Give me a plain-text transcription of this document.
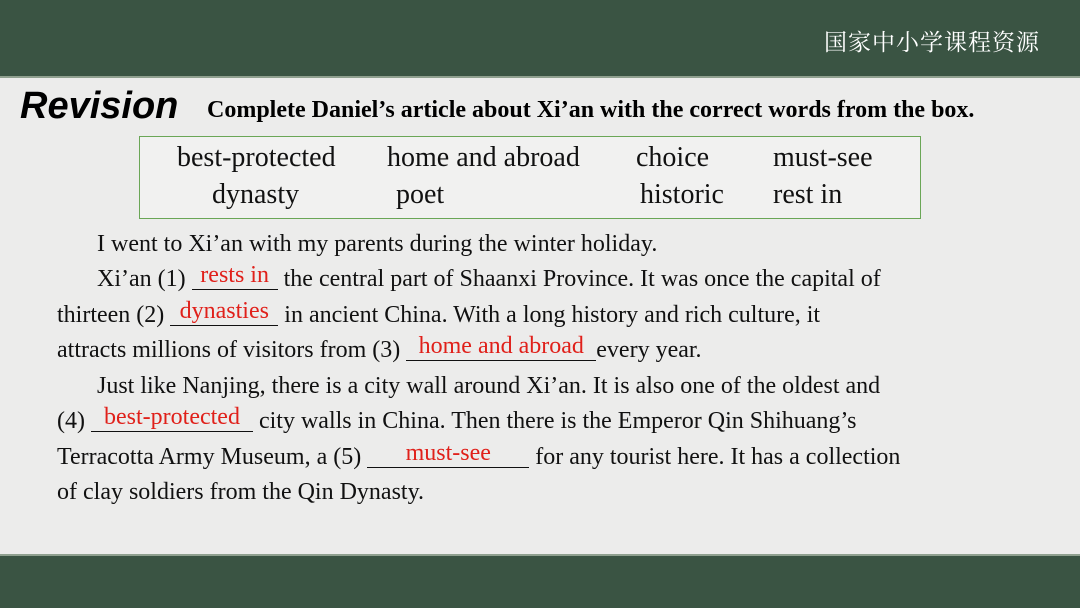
国家中小学课程资源
Revision Complete Daniel’s article about Xi’an with the correct words from the box.
best-protected home and abroad choice must-see
dynasty	poet	historic rest in
I went to Xi’an with my parents during the winter holiday.
Xi’an (1) rests in the central part of Shaanxi Province. It was once the capital of
thirteen (2) dynasties in ancient China. With a long history and rich culture, it
attracts millions of visitors from (3) home and abroad every year.
Just like Nanjing, there is a city wall around Xi’an. It is also one of the oldest and
(4) best-protected city walls in China. Then there is the Emperor Qin Shihuang’s
Terracotta Army Museum, a (5)	must-see	for any tourist here. It has a collection
of clay soldiers from the Qin Dynasty.
